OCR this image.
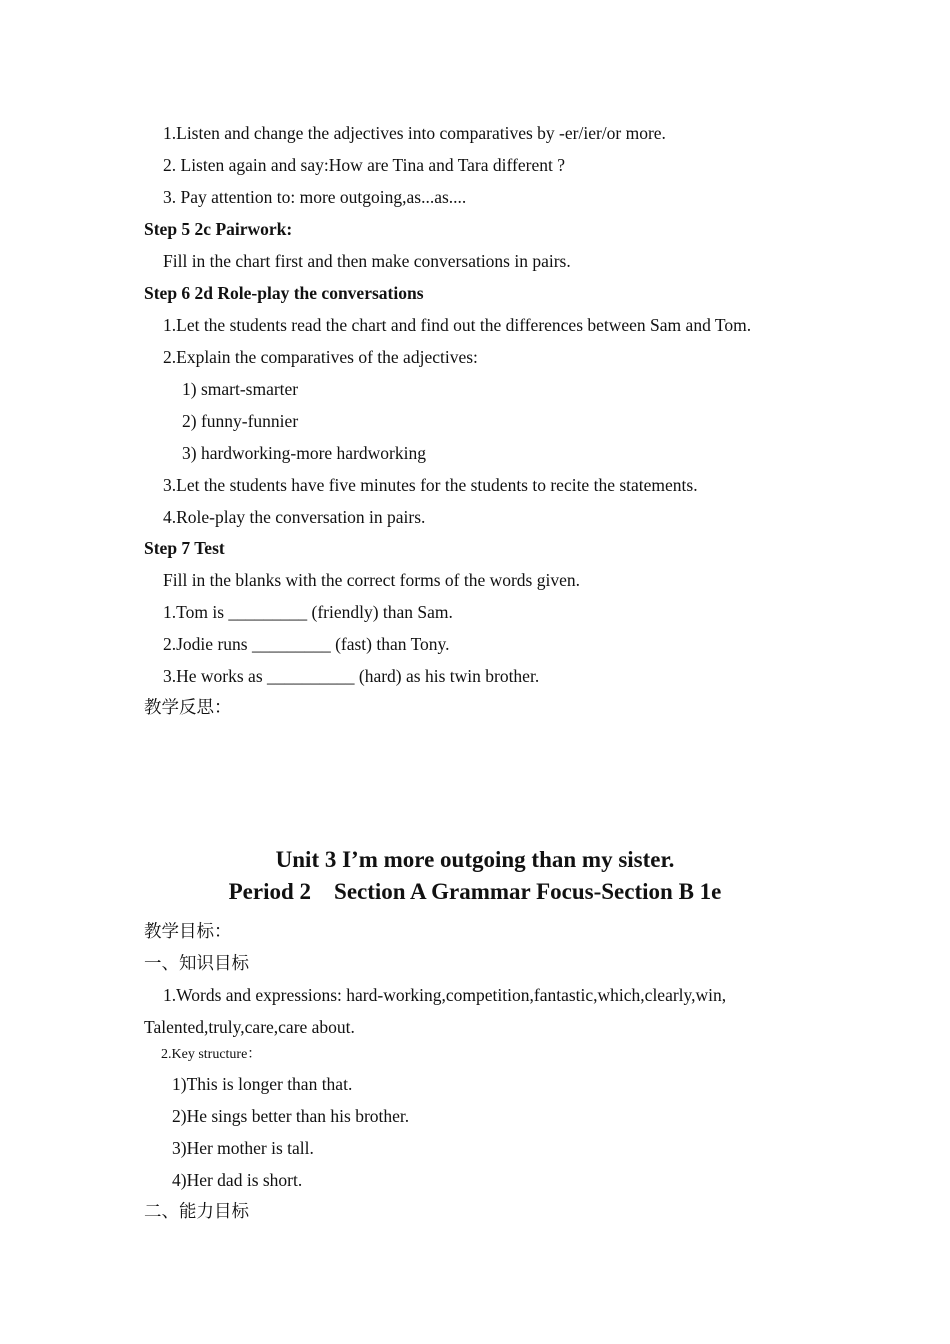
1.Listen and change the adjectives into comparatives by -er/ier/or more.
2. Listen again and say:How are Tina and Tara different ?
3. Pay attention to: more outgoing,as...as....
Step 5 2c Pairwork:
Fill in the chart first and then make conversations in pairs.
Step 6 2d Role-play the conversations
1.Let the students read the chart and find out the differences between Sam and Tom.
2.Explain the comparatives of the adjectives:
1) smart-smarter
2) funny-funnier
3) hardworking-more hardworking
3.Let the students have five minutes for the students to recite the statements.
4.Role-play the conversation in pairs.
Step 7 Test
Fill in the blanks with the correct forms of the words given.
1.Tom is _________ (friendly) than Sam.
2.Jodie runs _________ (fast) than Tony.
3.He works as __________ (hard) as his twin brother.
教学反思：
Unit 3 I’m more outgoing than my sister.
Period 2    Section A Grammar Focus-Section B 1e
教学目标：
一、知识目标
1.Words and expressions: hard-working,competition,fantastic,which,clearly,win,
Talented,truly,care,care about.
2.Key structure：
1)This is longer than that.
2)He sings better than his brother.
3)Her mother is tall.
4)Her dad is short.
二、能力目标
